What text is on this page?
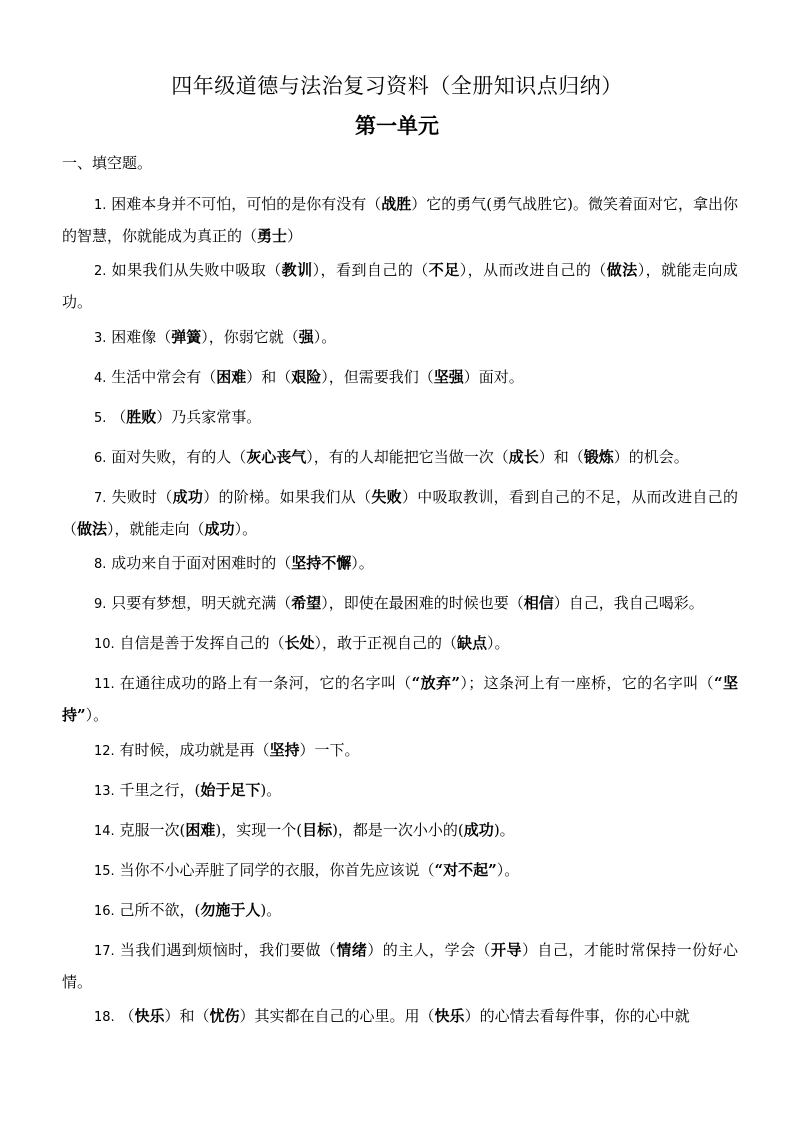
四年级道德与法治复习资料（全册知识点归纳）
第一单元
一、填空题。
1. 困难本身并不可怕，可怕的是你有没有（战胜）它的勇气(勇气战胜它)。微笑着面对它，拿出你的智慧，你就能成为真正的（勇士）
2. 如果我们从失败中吸取（教训），看到自己的（不足），从而改进自己的（做法），就能走向成功。
3. 困难像（弹簧），你弱它就（强）。
4. 生活中常会有（困难）和（艰险），但需要我们（坚强）面对。
5. （胜败）乃兵家常事。
6. 面对失败，有的人（灰心丧气），有的人却能把它当做一次（成长）和（锻炼）的机会。
7. 失败时（成功）的阶梯。如果我们从（失败）中吸取教训，看到自己的不足，从而改进自己的（做法），就能走向（成功）。
8. 成功来自于面对困难时的（坚持不懈）。
9. 只要有梦想，明天就充满（希望），即使在最困难的时候也要（相信）自己，我自己喝彩。
10. 自信是善于发挥自己的（长处），敢于正视自己的（缺点）。
11. 在通往成功的路上有一条河，它的名字叫（“放弃”）；这条河上有一座桥，它的名字叫（“坚持”）。
12. 有时候，成功就是再（坚持）一下。
13. 千里之行，(始于足下)。
14. 克服一次(困难)，实现一个(目标)，都是一次小小的(成功)。
15. 当你不小心弄脏了同学的衣服，你首先应该说（“对不起”）。
16. 己所不欲，(勿施于人)。
17. 当我们遇到烦恼时，我们要做（情绪）的主人，学会（开导）自己，才能时常保持一份好心情。
18. （快乐）和（忧伤）其实都在自己的心里。用（快乐）的心情去看每件事，你的心中就
